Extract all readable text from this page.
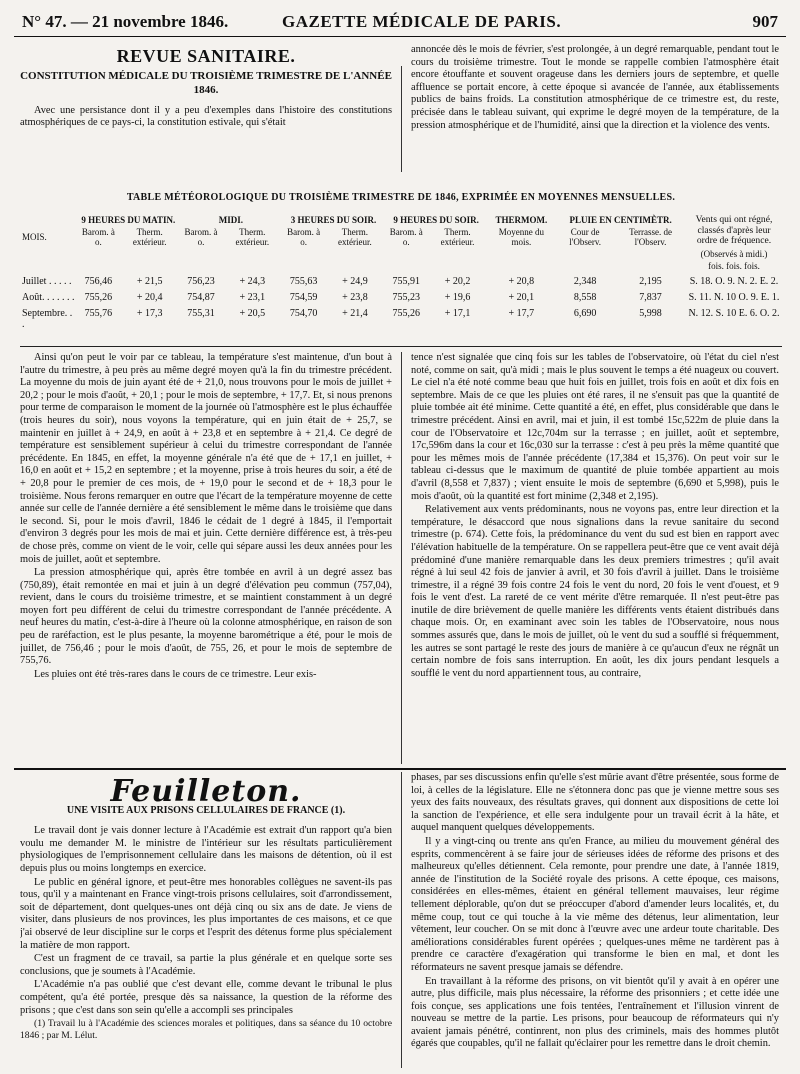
N° 47. — 21 novembre 1846.	GAZETTE MÉDICALE DE PARIS.	907
REVUE SANITAIRE.
CONSTITUTION MÉDICALE DU TROISIÈME TRIMESTRE DE L'ANNÉE 1846.

Avec une persistance dont il y a peu d'exemples dans l'histoire des constitutions atmosphériques de ce pays-ci, la constitution estivale, qui s'était

annoncée dès le mois de février, s'est prolongée, à un degré remarquable, pendant tout le cours du troisième trimestre. Tout le monde se rappelle combien l'atmosphère était encore étouffante et souvent orageuse dans les derniers jours de septembre, et quelle affluence se portait encore, à cette époque si avancée de l'année, aux établissements publics de bains froids. La constitution atmosphérique de ce trimestre est, du reste, précisée dans le tableau suivant, qui exprime le degré moyen de la température, de la pression atmosphérique et de l'humidité, ainsi que la direction et la violence des vents.

TABLE MÉTÉOROLOGIQUE DU TROISIÈME TRIMESTRE DE 1846, EXPRIMÉE EN MOYENNES MENSUELLES.
	9 HEURES DU MATIN.		MIDI.		3 HEURES DU SOIR.		9 HEURES DU SOIR.		THERMOM.	PLUIE EN CENTIMÈTR.		Vents qui ont régné, classés d'après leur ordre de fréquence.
MOIS.	Barom. à o.	Therm. extérieur.	Barom. à o.	Therm. extérieur.	Barom. à o.	Therm. extérieur.	Barom. à o.	Therm. extérieur.	Moyenne du mois.	Cour de l'Observ.	Terrasse. de l'Observ.	
												(Observés à midi.)
												fois. fois. fois.
Juillet . . . . .	756,46	+ 21,5	756,23	+ 24,3	755,63	+ 24,9	755,91	+ 20,2	+ 20,8	2,348	2,195	S. 18. O. 9. N. 2. E. 2.
Août. . . . . . .	755,26	+ 20,4	754,87	+ 23,1	754,59	+ 23,8	755,23	+ 19,6	+ 20,1	8,558	7,837	S. 11. N. 10 O. 9. E. 1.
Septembre. . .	755,76	+ 17,3	755,31	+ 20,5	754,70	+ 21,4	755,26	+ 17,1	+ 17,7	6,690	5,998	N. 12. S. 10 E. 6. O. 2.

Ainsi qu'on peut le voir par ce tableau, la température s'est maintenue, d'un bout à l'autre du trimestre, à peu près au même degré moyen qu'à la fin du trimestre précédent. La moyenne du mois de juin ayant été de + 21,0, nous trouvons pour le mois de juillet + 20,2 ; pour le mois d'août, + 20,1 ; pour le mois de septembre, + 17,7. Et, si nous prenons pour terme de comparaison le moment de la journée où l'atmosphère est le plus échauffée (trois heures du soir), nous voyons la température, qui en juin était de + 25,7, se maintenir en juillet à + 24,9, en août à + 23,8 et en septembre à + 21,4. Ce degré de température est sensiblement supérieur à celui du trimestre correspondant de l'année précédente. En 1845, en effet, la moyenne générale n'a été que de + 17,1 en juillet, + 16,0 en août et + 15,2 en septembre ; et la moyenne, prise à trois heures du soir, a été de + 20,8 pour le premier de ces mois, de + 19,0 pour le second et de + 18,3 pour le troisième. Nous ferons remarquer en outre que l'écart de la température moyenne de cette année sur celle de l'année dernière a été sensiblement le même dans le troisième que dans le second. Si, pour le mois d'avril, 1846 le cédait de 1 degré à 1845, il l'emportait d'environ 3 degrés pour les mois de mai et juin. Cette dernière différence est, à très-peu de chose près, comme on vient de le voir, celle qui sépare aussi les deux années pour les mois de juillet, août et septembre.

La pression atmosphérique qui, après être tombée en avril à un degré assez bas (750,89), était remontée en mai et juin à un degré d'élévation peu commun (757,04), revient, dans le cours du troisième trimestre, et se maintient constamment à un degré moyen fort peu différent de celui du trimestre correspondant de l'année précédente. A neuf heures du matin, c'est-à-dire à l'heure où la colonne atmosphérique, en raison de son peu de raréfaction, est le plus pesante, la moyenne barométrique a été, pour le mois de juillet, de 756,46 ; pour le mois d'août, de 755, 26, et pour le mois de septembre de 755,76.

Les pluies ont été très-rares dans le cours de ce trimestre. Leur exis-

tence n'est signalée que cinq fois sur les tables de l'observatoire, où l'état du ciel n'est noté, comme on sait, qu'à midi ; mais le plus souvent le temps a été nuageux ou couvert. Le ciel n'a été noté comme beau que huit fois en juillet, trois fois en août et dix fois en septembre. Mais de ce que les pluies ont été rares, il ne s'ensuit pas que la quantité de pluie tombée ait été minime. Cette quantité a été, en effet, plus considérable que dans le trimestre précédent. Ainsi en avril, mai et juin, il est tombé 15c,522m de pluie dans la cour de l'Observatoire et 12c,704m sur la terrasse ; en juillet, août et septembre, 17c,596m dans la cour et 16c,030 sur la terrasse : c'est à peu près la même quantité que pour les mêmes mois de l'année précédente (17,384 et 15,376). On peut voir sur le tableau ci-dessus que le maximum de quantité de pluie tombée appartient au mois d'avril (8,558 et 7,837) ; vient ensuite le mois de septembre (6,690 et 5,998), puis le mois d'août, où la quantité est fort minime (2,348 et 2,195).

Relativement aux vents prédominants, nous ne voyons pas, entre leur direction et la température, le désaccord que nous signalions dans la revue sanitaire du second trimestre (p. 674). Cette fois, la prédominance du vent du sud est bien en rapport avec l'élévation habituelle de la température. On se rappellera peut-être que ce vent avait déjà prédominé d'une manière remarquable dans les deux premiers trimestres ; qu'il avait régné à lui seul 42 fois de janvier à avril, et 30 fois d'avril à juillet. Dans le troisième trimestre, il a régné 39 fois contre 24 fois le vent du nord, 20 fois le vent d'ouest, et 9 fois le vent d'est. La rareté de ce vent mérite d'être remarquée. Il n'est peut-être pas inutile de dire brièvement de quelle manière les différents vents étaient distribués dans chaque mois. Or, en examinant avec soin les tables de l'Observatoire, nous nous sommes assurés que, dans le mois de juillet, où le vent du sud a soufflé si fréquemment, les autres se sont partagé le reste des jours de manière à ce qu'aucun d'eux ne régnât un certain nombre de fois sans interruption. En août, les dix jours pendant lesquels a soufflé le vent du nord appartiennent tous, au contraire,

Feuilleton.
UNE VISITE AUX PRISONS CELLULAIRES DE FRANCE (1).

Le travail dont je vais donner lecture à l'Académie est extrait d'un rapport qu'a bien voulu me demander M. le ministre de l'intérieur sur les résultats particulièrement physiologiques de l'emprisonnement cellulaire dans les maisons de détention, où il est depuis plus ou moins longtemps en exercice.

Le public en général ignore, et peut-être mes honorables collègues ne savent-ils pas tous, qu'il y a maintenant en France vingt-trois prisons cellulaires, soit d'arrondissement, soit de département, dont quelques-unes ont déjà cinq ou six ans de date. Je viens de visiter, dans plusieurs de nos provinces, les plus importantes de ces maisons, et ce que j'ai observé de leur discipline sur le corps et l'esprit des détenus forme plus spécialement la matière de mon rapport.

C'est un fragment de ce travail, sa partie la plus générale et en quelque sorte ses conclusions, que je soumets à l'Académie.

L'Académie n'a pas oublié que c'est devant elle, comme devant le tribunal le plus compétent, qu'a été portée, presque dès sa naissance, la question de la réforme des prisons ; que c'est dans son sein qu'elle a accompli ses principales

(1) Travail lu à l'Académie des sciences morales et politiques, dans sa séance du 10 octobre 1846 ; par M. Lélut.

phases, par ses discussions enfin qu'elle s'est mûrie avant d'être présentée, sous forme de loi, à celles de la législature. Elle ne s'étonnera donc pas que je vienne mettre sous ses yeux des faits nouveaux, des résultats graves, qui donnent aux dispositions de cette loi la sanction de l'expérience, et elle sera indulgente pour un travail écrit à la hâte, et auquel manquent quelques développements.

Il y a vingt-cinq ou trente ans qu'en France, au milieu du mouvement général des esprits, commencèrent à se faire jour de sérieuses idées de réforme des prisons et des malheureux qu'elles détiennent. Cela remonte, pour prendre une date, à l'année 1819, année de l'institution de la Société royale des prisons. A cette époque, ces maisons, considérées en elles-mêmes, étaient en général tellement mauvaises, leur régime tellement déplorable, qu'on dut se préoccuper d'abord d'amender leurs localités, et, du même coup, tout ce qui touche à la vie même des détenus, leur alimentation, leur vêtement, leur coucher. On se mit donc à l'œuvre avec une ardeur toute charitable. Des améliorations considérables furent opérées ; quelques-unes même ne tardèrent pas à prendre ce caractère d'exagération qui transforme le bien en mal, et dont les réformateurs ne savent presque jamais se défendre.

En travaillant à la réforme des prisons, on vit bientôt qu'il y avait à en opérer une autre, plus difficile, mais plus nécessaire, la réforme des prisonniers ; et cette idée une fois conçue, ses applications une fois tentées, l'entraînement et l'illusion vinrent de nouveau se mettre de la partie. Les prisons, pour beaucoup de réformateurs qui n'y avaient jamais pénétré, continrent, non plus des criminels, mais des hommes plutôt égarés que coupables, qu'il ne fallait qu'éclairer pour les remettre dans le droit chemin.
